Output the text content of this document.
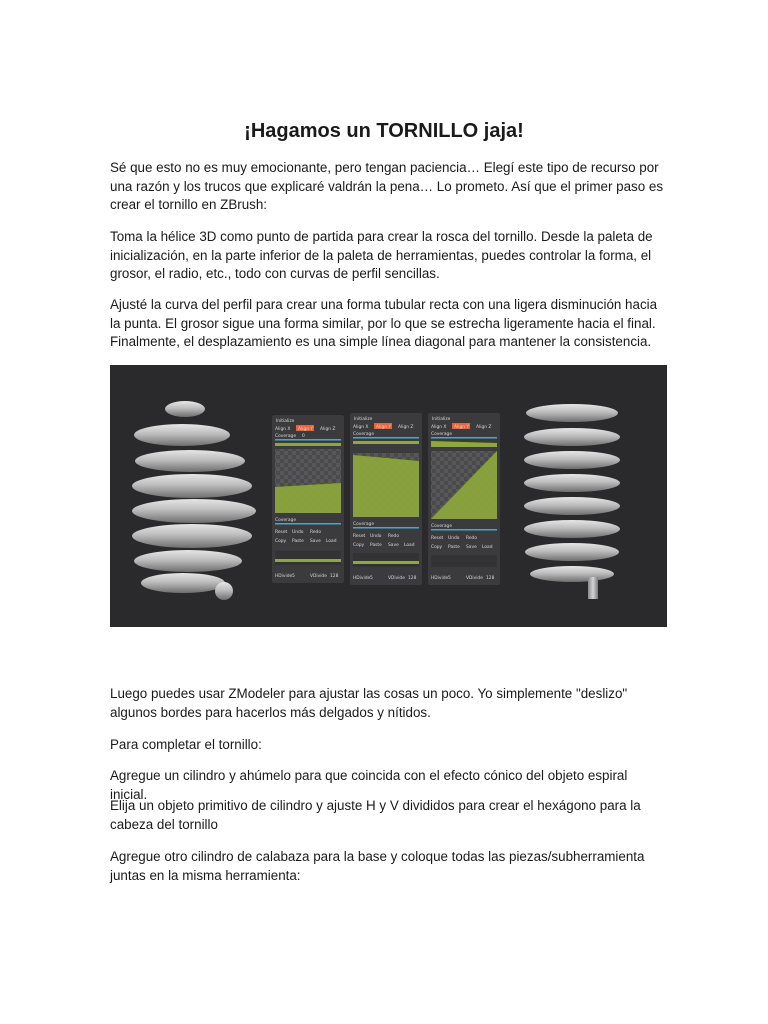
¡Hagamos un TORNILLO jaja!

Sé que esto no es muy emocionante, pero tengan paciencia… Elegí este tipo de recurso por una razón y los trucos que explicaré valdrán la pena… Lo prometo. Así que el primer paso es crear el tornillo en ZBrush:

Toma la hélice 3D como punto de partida para crear la rosca del tornillo. Desde la paleta de inicialización, en la parte inferior de la paleta de herramientas, puedes controlar la forma, el grosor, el radio, etc., todo con curvas de perfil sencillas.

Ajusté la curva del perfil para crear una forma tubular recta con una ligera disminución hacia la punta. El grosor sigue una forma similar, por lo que se estrecha ligeramente hacia el final. Finalmente, el desplazamiento es una simple línea diagonal para mantener la consistencia.

Initialize
Align X Align Y Align Z
Coverage 0
Coverage
Reset Undo Redo
Copy Paste Save Load
HDivide 5	VDivide 128
Initialize
Align X Align Y Align Z
Coverage
Coverage
Reset Undo Redo
Copy Paste Save Load
HDivide 5	VDivide 128
Initialize
Align X Align Y Align Z
Coverage
Coverage
Reset Undo Redo
Copy Paste Save Load
HDivide 5	VDivide 128

Luego puedes usar ZModeler para ajustar las cosas un poco. Yo simplemente "deslizo" algunos bordes para hacerlos más delgados y nítidos.

Para completar el tornillo:

Agregue un cilindro y ahúmelo para que coincida con el efecto cónico del objeto espiral inicial.

Elija un objeto primitivo de cilindro y ajuste H y V divididos para crear el hexágono para la cabeza del tornillo

Agregue otro cilindro de calabaza para la base y coloque todas las piezas/subherramienta juntas en la misma herramienta:
